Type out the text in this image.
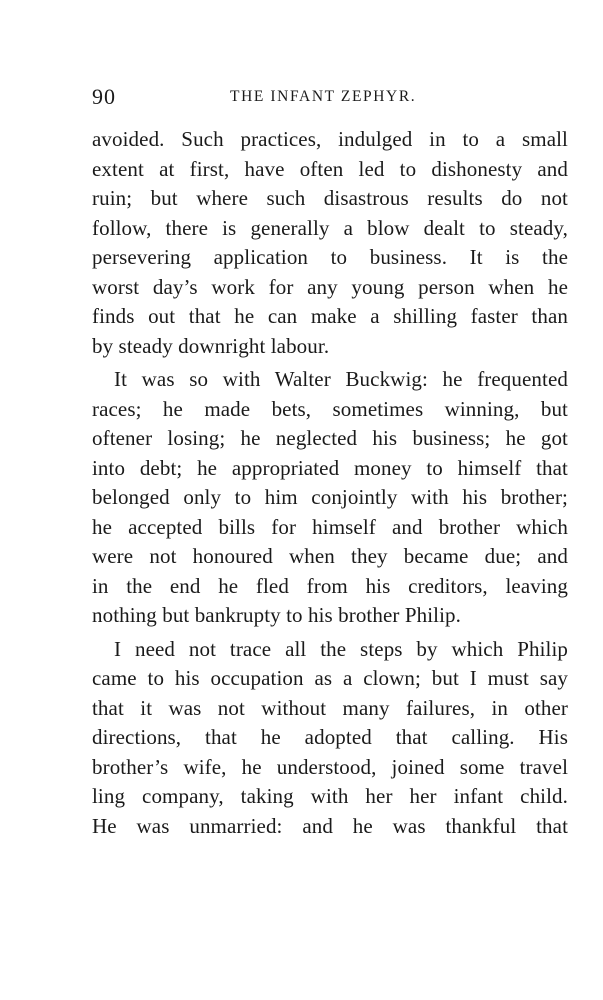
90	THE INFANT ZEPHYR.
avoided. Such practices, indulged in to a small
extent at first, have often led to dishonesty and
ruin; but where such disastrous results do not
follow, there is generally a blow dealt to steady,
persevering application to business. It is the
worst day’s work for any young person when he
finds out that he can make a shilling faster than
by steady downright labour.
It was so with Walter Buckwig: he frequented
races; he made bets, sometimes winning, but
oftener losing; he neglected his business; he got
into debt; he appropriated money to himself that
belonged only to him conjointly with his brother;
he accepted bills for himself and brother which
were not honoured when they became due; and
in the end he fled from his creditors, leaving
nothing but bankrupty to his brother Philip.
I need not trace all the steps by which Philip
came to his occupation as a clown; but I must say
that it was not without many failures, in other
directions, that he adopted that calling. His
brother’s wife, he understood, joined some travel
ling company, taking with her her infant child.
He was unmarried: and he was thankful that
